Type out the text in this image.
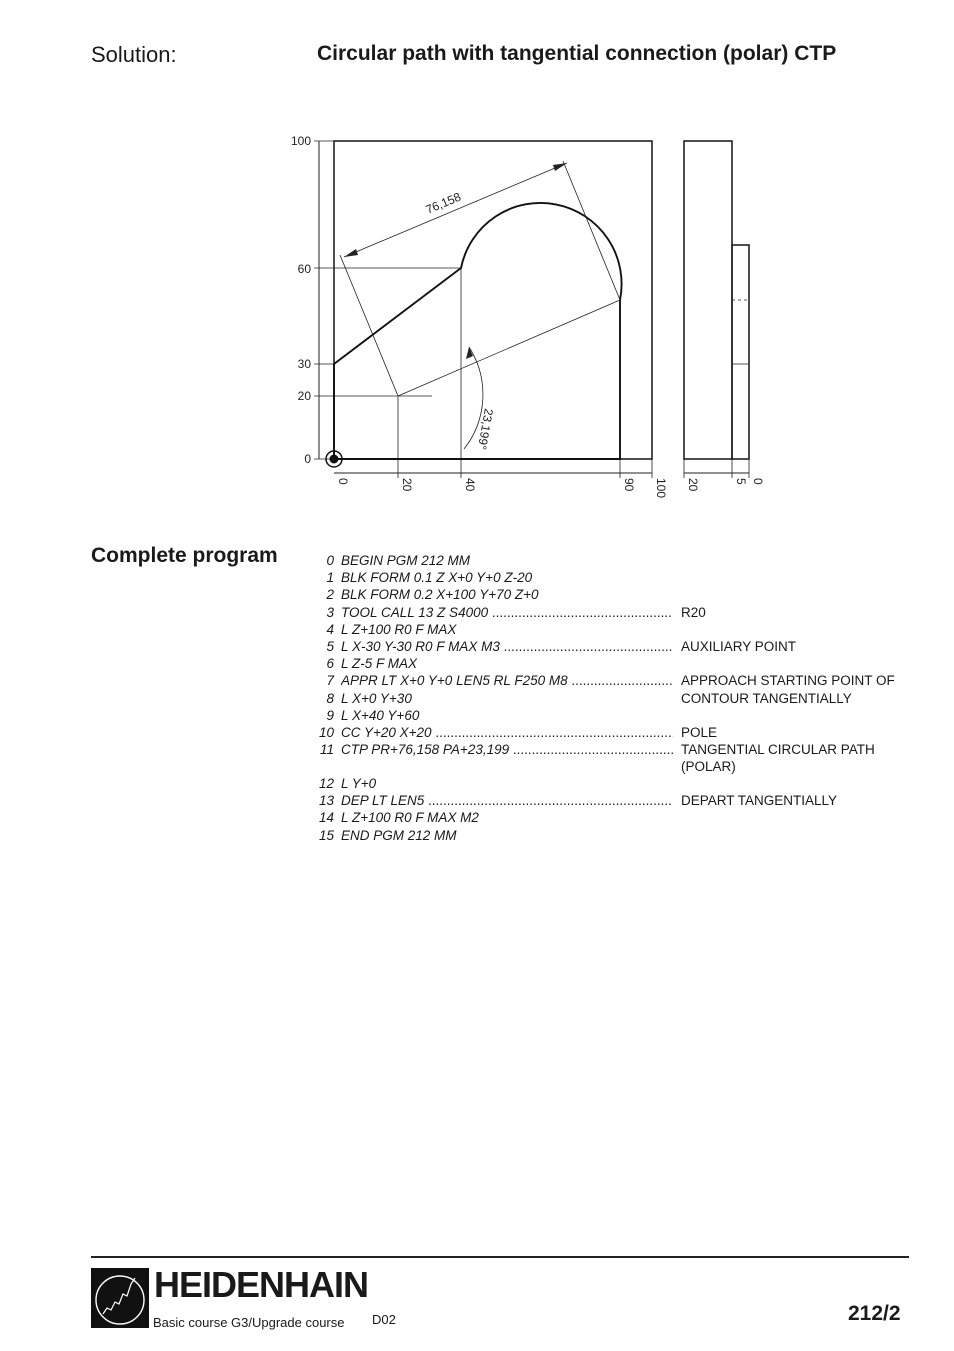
Solution:	Circular path with tangential connection (polar) CTP
100
60
30
20
0
0	20	40	90 100
76,158
23,199°
20	5 0
Complete program	0 BEGIN PGM 212 MM
1 BLK FORM 0.1 Z X+0 Y+0 Z-20
2 BLK FORM 0.2 X+100 Y+70 Z+0
3 TOOL CALL 13 Z S4000 .....	R20
4 L Z+100 R0 F MAX
5 L X-30 Y-30 R0 F MAX M3 .....	AUXILIARY POINT
6 L Z-5 F MAX
7 APPR LT X+0 Y+0 LEN5 RL F250 M8 .....	APPROACH STARTING POINT OF
8 L X+0 Y+30	CONTOUR TANGENTIALLY
9 L X+40 Y+60
10 CC Y+20 X+20 .....	POLE
11 CTP PR+76,158 PA+23,199 .....	TANGENTIAL CIRCULAR PATH (POLAR)
12 L Y+0
13 DEP LT LEN5 .....	DEPART TANGENTIALLY
14 L Z+100 R0 F MAX M2
15 END PGM 212 MM
HEIDENHAIN
Basic course G3/Upgrade course D02	212/2
